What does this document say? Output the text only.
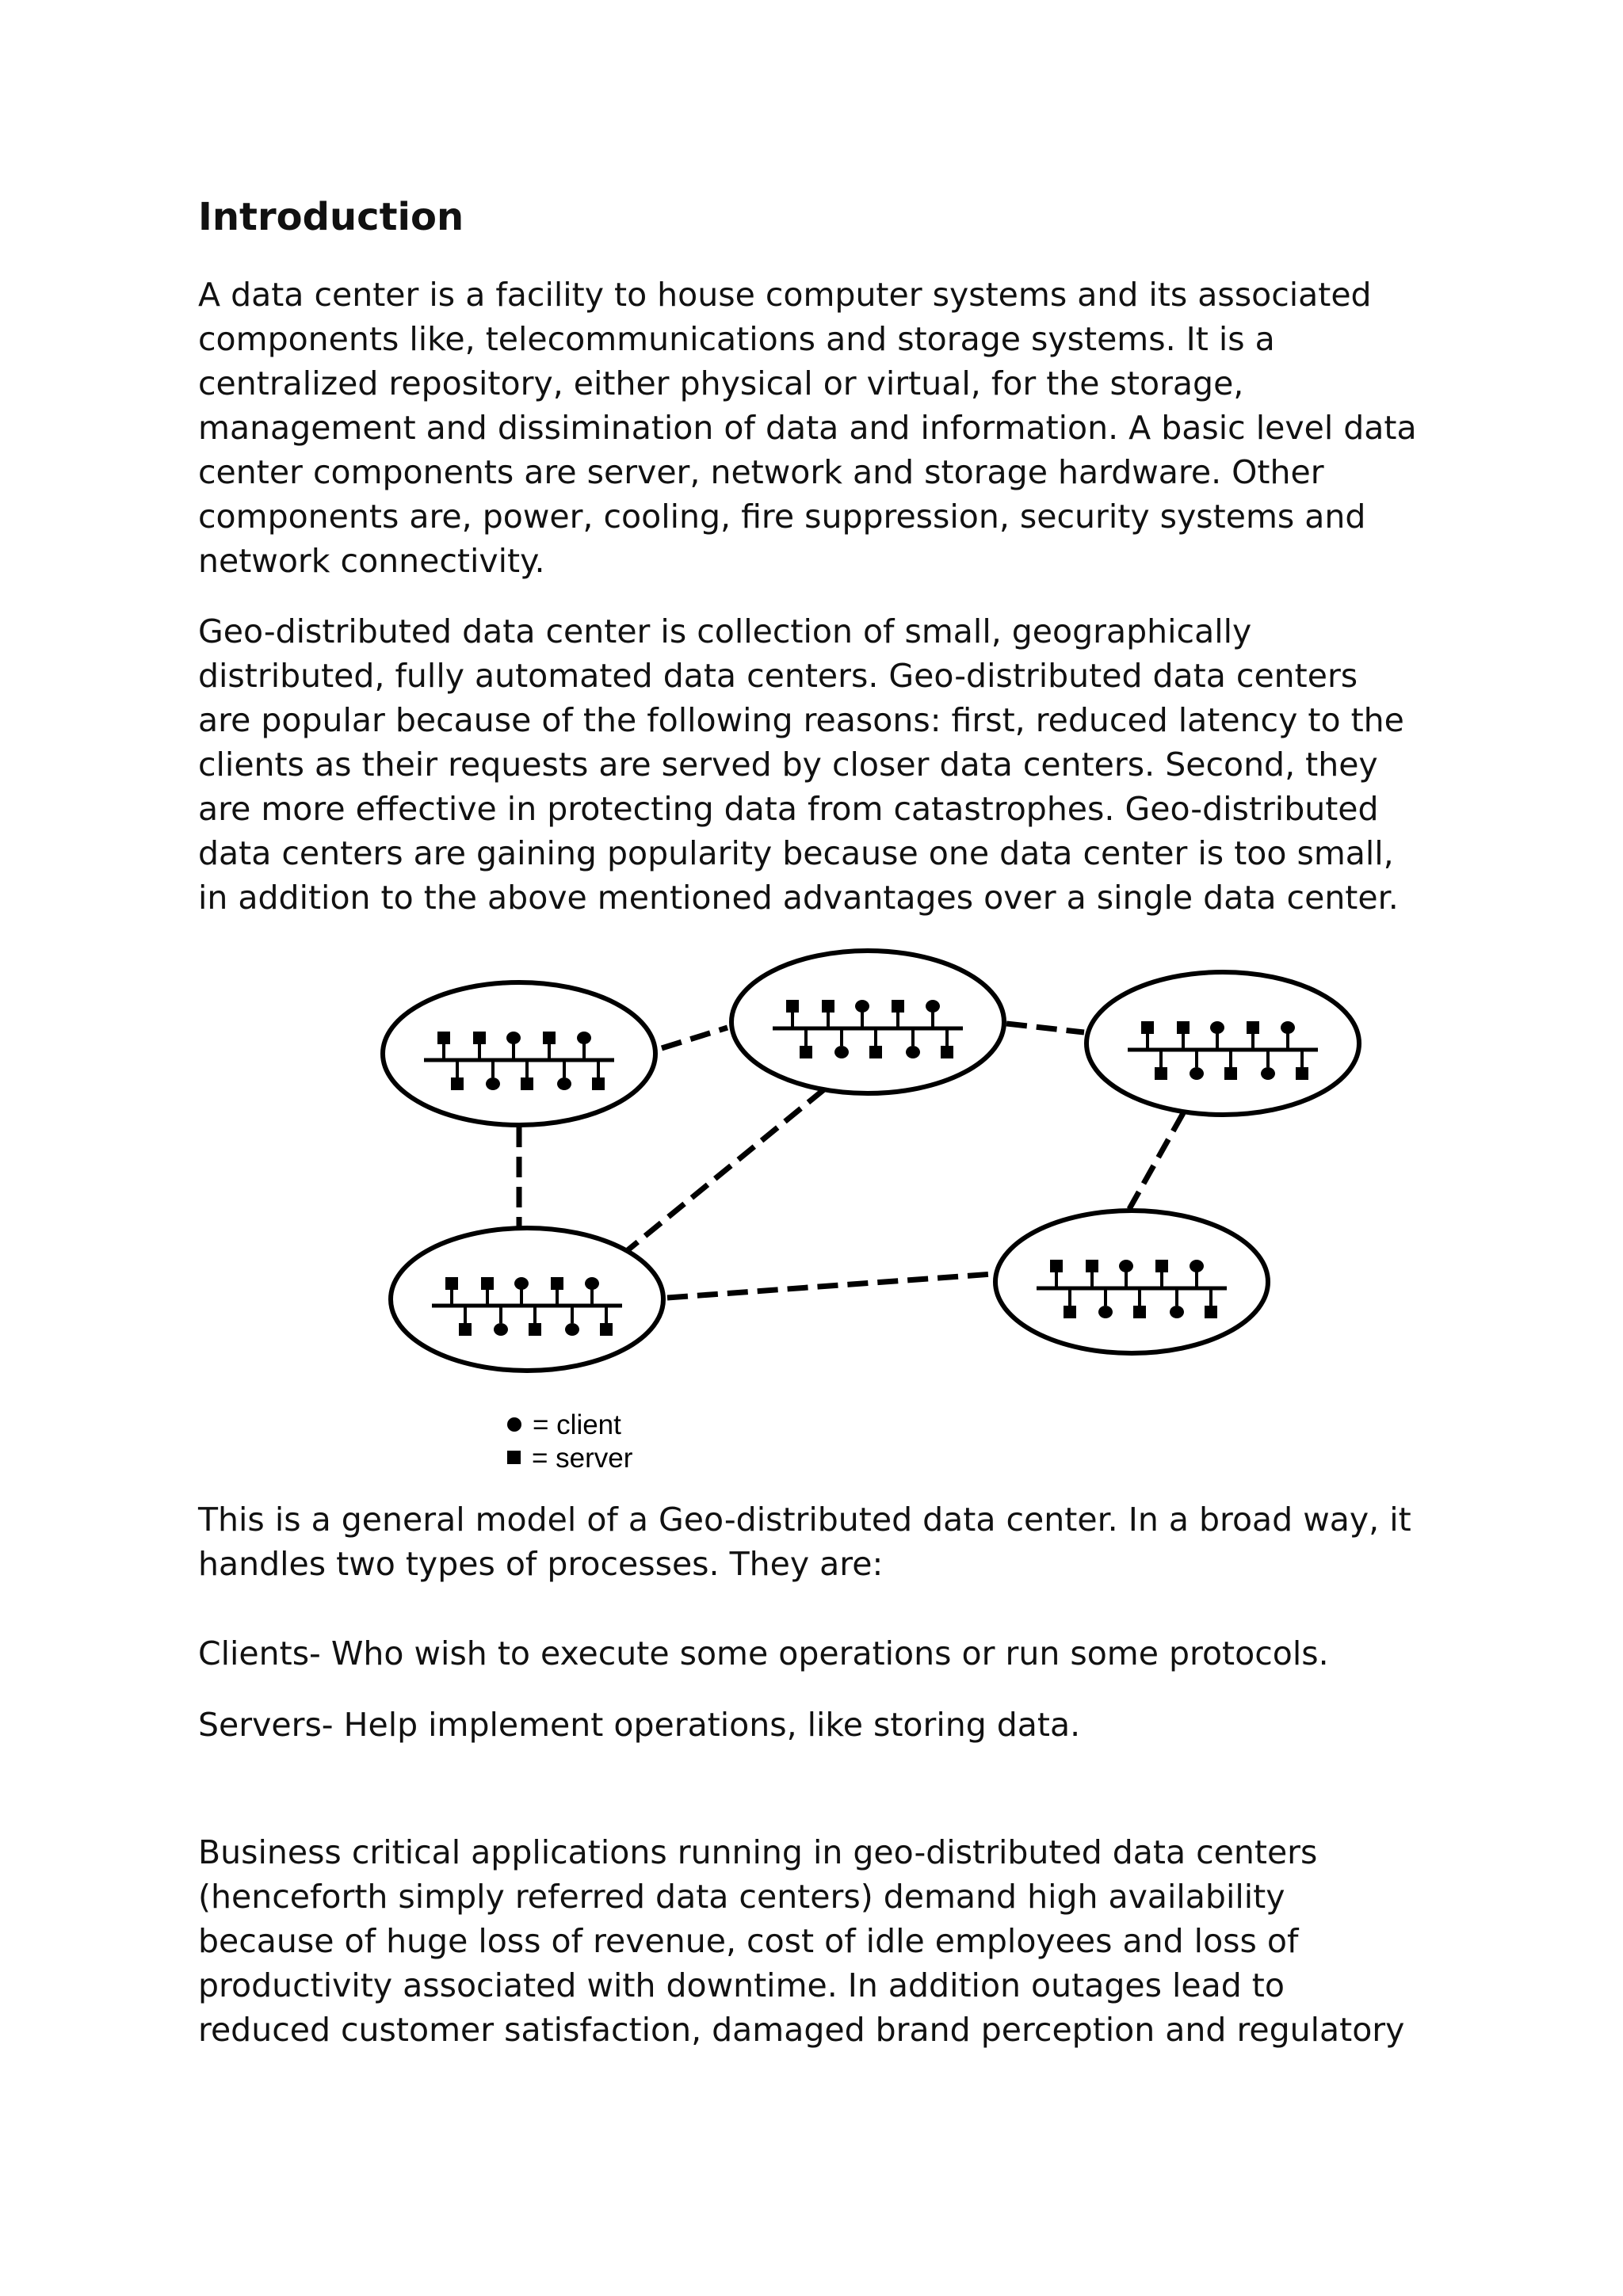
Introduction

A data center is a facility to house computer systems and its associated
components like, telecommunications and storage systems. It is a
centralized repository, either physical or virtual, for the storage,
management and dissimination of data and information. A basic level data
center components are server, network and storage hardware. Other
components are, power, cooling, fire suppression, security systems and
network connectivity.

Geo-distributed data center is collection of small, geographically
distributed, fully automated data centers. Geo-distributed data centers
are popular because of the following reasons: first, reduced latency to the
clients as their requests are served by closer data centers. Second, they
are more effective in protecting data from catastrophes. Geo-distributed
data centers are gaining popularity because one data center is too small,
in addition to the above mentioned advantages over a single data center.

= client
= server

This is a general model of a Geo-distributed data center. In a broad way, it
handles two types of processes. They are:

Clients- Who wish to execute some operations or run some protocols.

Servers- Help implement operations, like storing data.

Business critical applications running in geo-distributed data centers
(henceforth simply referred data centers) demand high availability
because of huge loss of revenue, cost of idle employees and loss of
productivity associated with downtime. In addition outages lead to
reduced customer satisfaction, damaged brand perception and regulatory
